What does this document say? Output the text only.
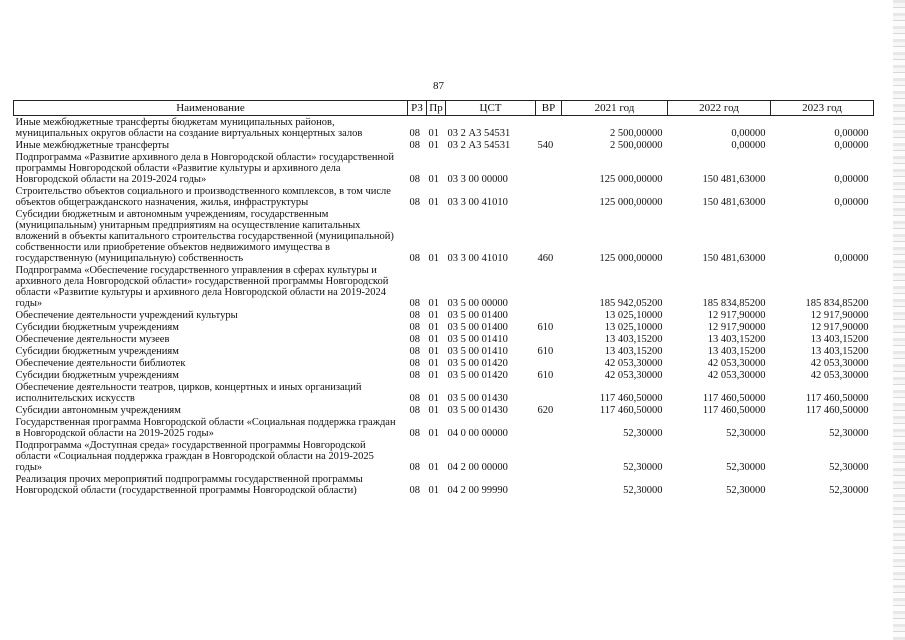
87
Наименование	РЗ	Пр	ЦСТ	ВР	2021 год	2022 год	2023 год
Иные межбюджетные трансферты бюджетам муниципальных районов, муниципальных округов области на создание виртуальных концертных залов	08	01	03 2 А3 54531		2 500,00000	0,00000	0,00000
Иные межбюджетные трансферты	08	01	03 2 А3 54531	540	2 500,00000	0,00000	0,00000
Подпрограмма «Развитие архивного дела в Новгородской области» государственной программы Новгородской области «Развитие культуры и архивного дела Новгородской области на 2019-2024 годы»	08	01	03 3 00 00000		125 000,00000	150 481,63000	0,00000
Строительство объектов социального и производственного комплексов, в том числе объектов общегражданского назначения, жилья, инфраструктуры	08	01	03 3 00 41010		125 000,00000	150 481,63000	0,00000
Субсидии бюджетным и автономным учреждениям, государственным (муниципальным) унитарным предприятиям на осуществление капитальных вложений в объекты капитального строительства государственной (муниципальной) собственности или приобретение объектов недвижимого имущества в государственную (муниципальную) собственность	08	01	03 3 00 41010	460	125 000,00000	150 481,63000	0,00000
Подпрограмма «Обеспечение государственного управления в сферах культуры и архивного дела Новгородской области» государственной программы Новгородской области «Развитие культуры и архивного дела Новгородской области на 2019-2024 годы»	08	01	03 5 00 00000		185 942,05200	185 834,85200	185 834,85200
Обеспечение деятельности учреждений культуры	08	01	03 5 00 01400		13 025,10000	12 917,90000	12 917,90000
Субсидии бюджетным учреждениям	08	01	03 5 00 01400	610	13 025,10000	12 917,90000	12 917,90000
Обеспечение деятельности музеев	08	01	03 5 00 01410		13 403,15200	13 403,15200	13 403,15200
Субсидии бюджетным учреждениям	08	01	03 5 00 01410	610	13 403,15200	13 403,15200	13 403,15200
Обеспечение деятельности библиотек	08	01	03 5 00 01420		42 053,30000	42 053,30000	42 053,30000
Субсидии бюджетным учреждениям	08	01	03 5 00 01420	610	42 053,30000	42 053,30000	42 053,30000
Обеспечение деятельности театров, цирков, концертных и иных организаций исполнительских искусств	08	01	03 5 00 01430		117 460,50000	117 460,50000	117 460,50000
Субсидии автономным учреждениям	08	01	03 5 00 01430	620	117 460,50000	117 460,50000	117 460,50000
Государственная программа Новгородской области «Социальная поддержка граждан в Новгородской области на 2019-2025 годы»	08	01	04 0 00 00000		52,30000	52,30000	52,30000
Подпрограмма «Доступная среда» государственной программы Новгородской области «Социальная поддержка граждан в Новгородской области на 2019-2025 годы»	08	01	04 2 00 00000		52,30000	52,30000	52,30000
Реализация прочих мероприятий подпрограммы государственной программы Новгородской области (государственной программы Новгородской области)	08	01	04 2 00 99990		52,30000	52,30000	52,30000
